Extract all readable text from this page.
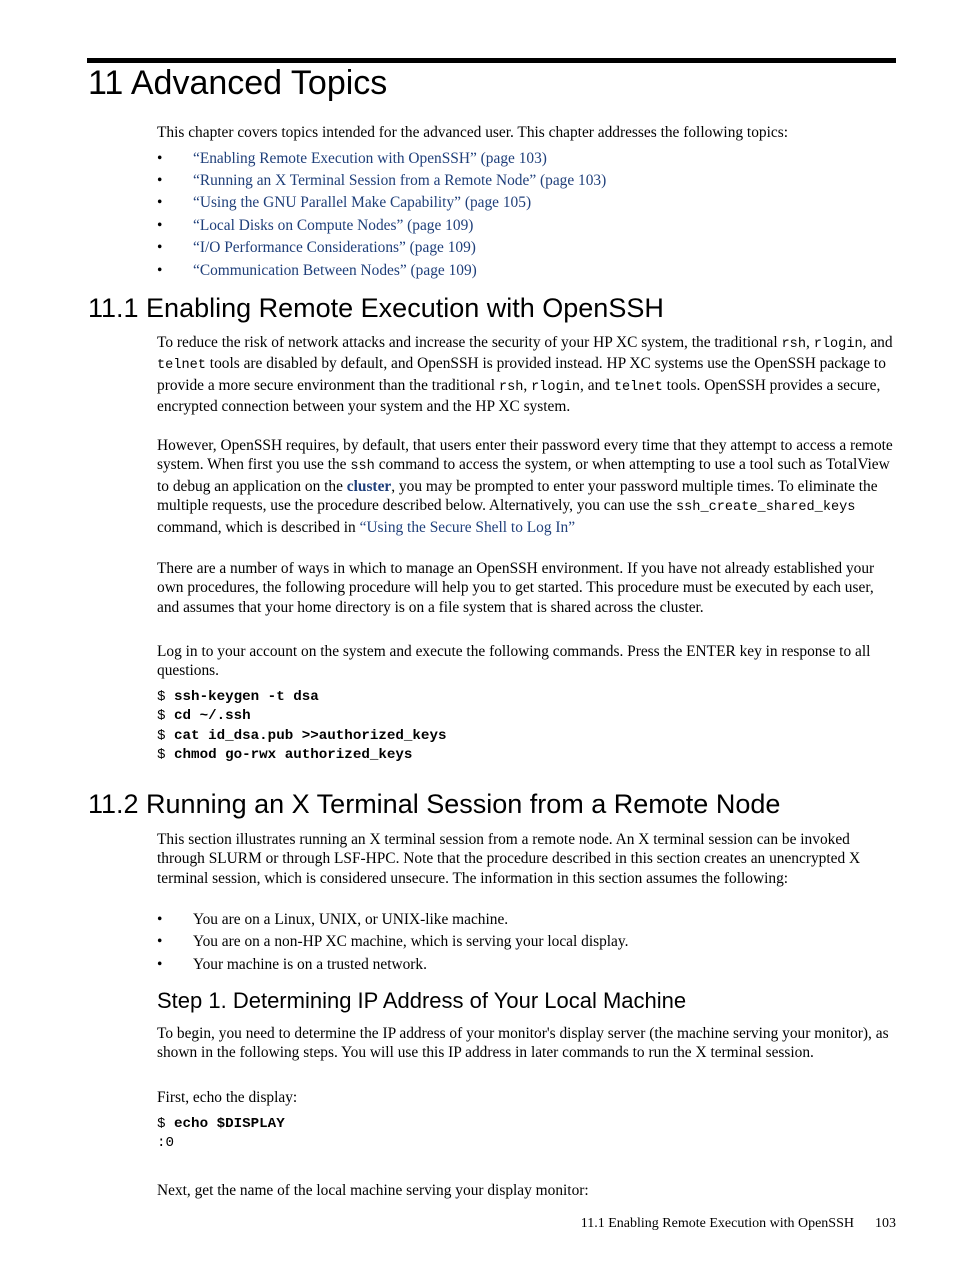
11 Advanced Topics

This chapter covers topics intended for the advanced user. This chapter addresses the following topics:

• “Enabling Remote Execution with OpenSSH” (page 103)
• “Running an X Terminal Session from a Remote Node” (page 103)
• “Using the GNU Parallel Make Capability” (page 105)
• “Local Disks on Compute Nodes” (page 109)
• “I/O Performance Considerations” (page 109)
• “Communication Between Nodes” (page 109)
11.1 Enabling Remote Execution with OpenSSH

To reduce the risk of network attacks and increase the security of your HP XC system, the traditional rsh, rlogin, and telnet tools are disabled by default, and OpenSSH is provided instead. HP XC systems use the OpenSSH package to provide a more secure environment than the traditional rsh, rlogin, and telnet tools. OpenSSH provides a secure, encrypted connection between your system and the HP XC system.

However, OpenSSH requires, by default, that users enter their password every time that they attempt to access a remote system. When first you use the ssh command to access the system, or when attempting to use a tool such as TotalView to debug an application on the cluster, you may be prompted to enter your password multiple times. To eliminate the multiple requests, use the procedure described below. Alternatively, you can use the ssh_create_shared_keys command, which is described in “Using the Secure Shell to Log In”

There are a number of ways in which to manage an OpenSSH environment. If you have not already established your own procedures, the following procedure will help you to get started. This procedure must be executed by each user, and assumes that your home directory is on a file system that is shared across the cluster.

Log in to your account on the system and execute the following commands. Press the ENTER key in response to all questions.

$ ssh-keygen -t dsa
$ cd ~/.ssh
$ cat id_dsa.pub >>authorized_keys
$ chmod go-rwx authorized_keys
11.2 Running an X Terminal Session from a Remote Node

This section illustrates running an X terminal session from a remote node. An X terminal session can be invoked through SLURM or through LSF-HPC. Note that the procedure described in this section creates an unencrypted X terminal session, which is considered unsecure. The information in this section assumes the following:

• You are on a Linux, UNIX, or UNIX-like machine.
• You are on a non-HP XC machine, which is serving your local display.
• Your machine is on a trusted network.
Step 1. Determining IP Address of Your Local Machine

To begin, you need to determine the IP address of your monitor's display server (the machine serving your monitor), as shown in the following steps. You will use this IP address in later commands to run the X terminal session.

First, echo the display:

$ echo $DISPLAY
:0

Next, get the name of the local machine serving your display monitor:

11.1 Enabling Remote Execution with OpenSSH 103
